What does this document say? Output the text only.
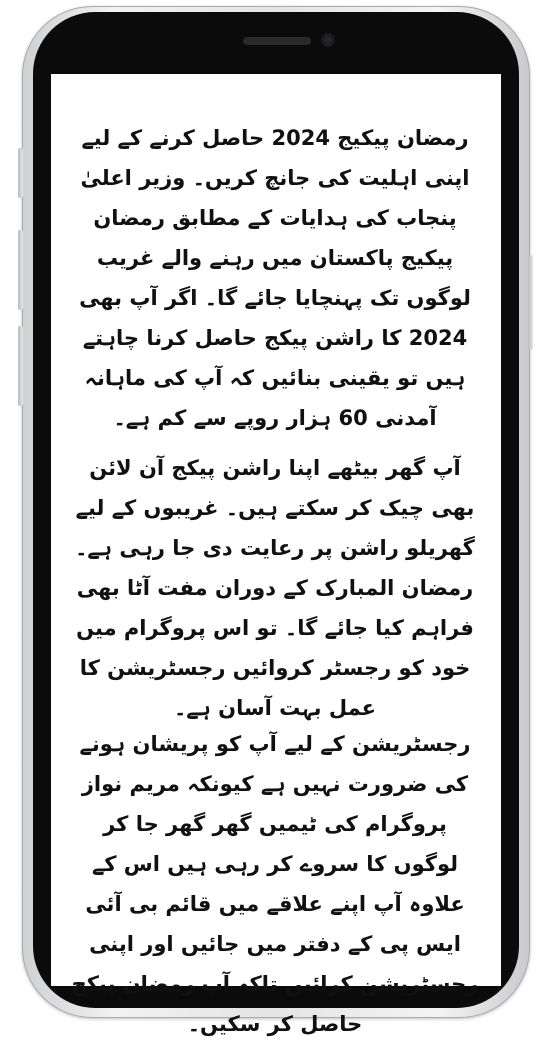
رمضان پیکیج 2024 حاصل کرنے کے لیے اپنی اہلیت کی جانچ کریں۔ وزیر اعلیٰ پنجاب کی ہدایات کے مطابق رمضان پیکیج پاکستان میں رہنے والے غریب لوگوں تک پہنچایا جائے گا۔ اگر آپ بھی 2024 کا راشن پیکج حاصل کرنا چاہتے ہیں تو یقینی بنائیں کہ آپ کی ماہانہ آمدنی 60 ہزار روپے سے کم ہے۔

آپ گھر بیٹھے اپنا راشن پیکج آن لائن بھی چیک کر سکتے ہیں۔ غریبوں کے لیے گھریلو راشن پر رعایت دی جا رہی ہے۔ رمضان المبارک کے دوران مفت آٹا بھی فراہم کیا جائے گا۔ تو اس پروگرام میں خود کو رجسٹر کروائیں رجسٹریشن کا عمل بہت آسان ہے۔

رجسٹریشن کے لیے آپ کو پریشان ہونے کی ضرورت نہیں ہے کیونکہ مریم نواز پروگرام کی ٹیمیں گھر گھر جا کر لوگوں کا سروے کر رہی ہیں اس کے علاوہ آپ اپنے علاقے میں قائم بی آئی ایس پی کے دفتر میں جائیں اور اپنی رجسٹریشن کرائیں تاکہ آپ رمضان پیکج حاصل کر سکیں۔
